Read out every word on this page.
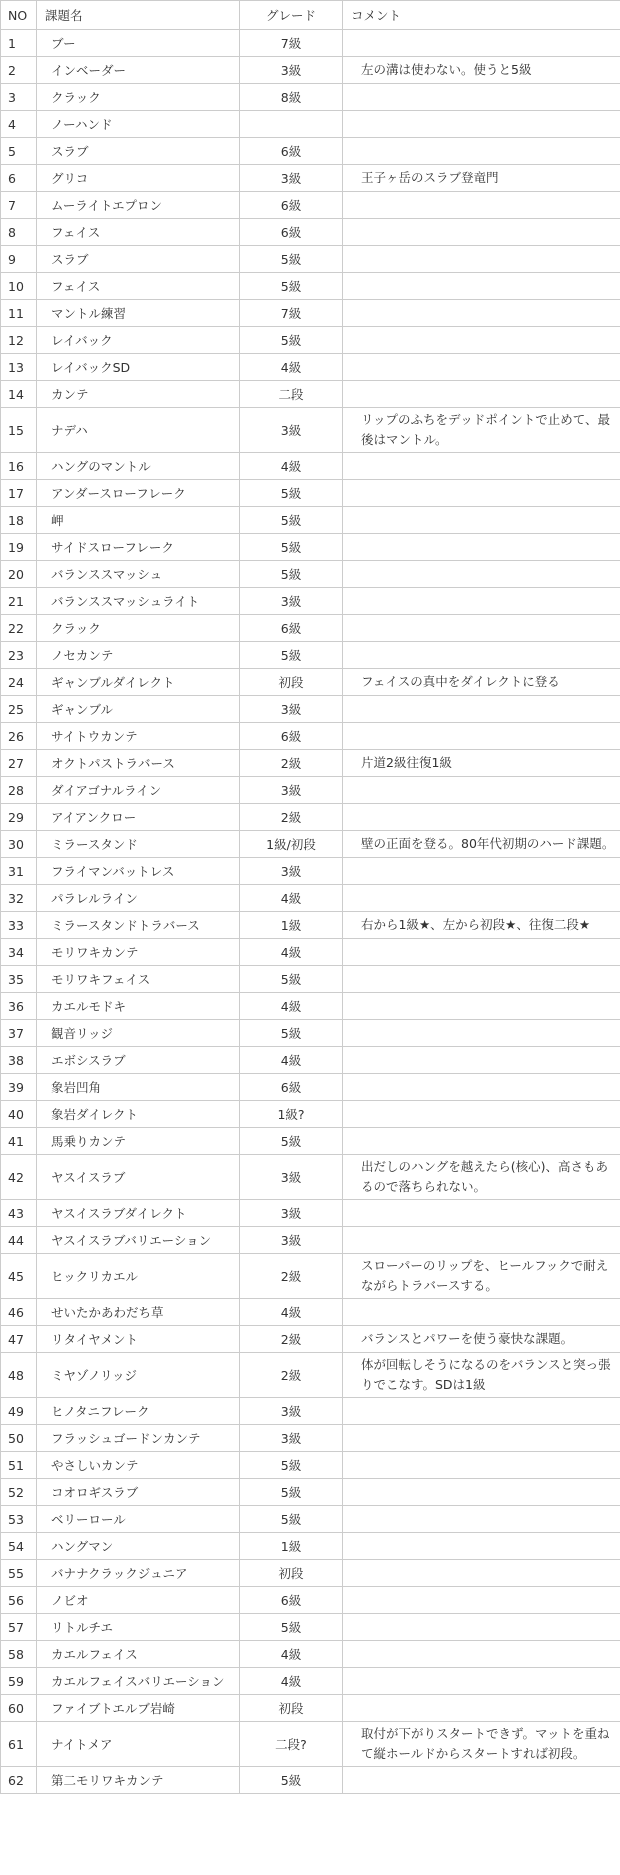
NO	課題名	グレード	コメント
1	ブー	7級	
2	インベーダー	3級	左の溝は使わない。使うと5級
3	クラック	8級	
4	ノーハンド		
5	スラブ	6級	
6	グリコ	3級	王子ヶ岳のスラブ登竜門
7	ムーライトエプロン	6級	
8	フェイス	6級	
9	スラブ	5級	
10	フェイス	5級	
11	マントル練習	7級	
12	レイバック	5級	
13	レイバックSD	4級	
14	カンテ	二段	
15	ナデハ	3級	リップのふちをデッドポイントで止めて、最後はマントル。
16	ハングのマントル	4級	
17	アンダースローフレーク	5級	
18	岬	5級	
19	サイドスローフレーク	5級	
20	バランススマッシュ	5級	
21	バランススマッシュライト	3級	
22	クラック	6級	
23	ノセカンテ	5級	
24	ギャンブルダイレクト	初段	フェイスの真中をダイレクトに登る
25	ギャンブル	3級	
26	サイトウカンテ	6級	
27	オクトパストラバース	2級	片道2級往復1級
28	ダイアゴナルライン	3級	
29	アイアンクロー	2級	
30	ミラースタンド	1級/初段	壁の正面を登る。80年代初期のハード課題。
31	フライマンバットレス	3級	
32	パラレルライン	4級	
33	ミラースタンドトラバース	1級	右から1級★、左から初段★、往復二段★
34	モリワキカンテ	4級	
35	モリワキフェイス	5級	
36	カエルモドキ	4級	
37	観音リッジ	5級	
38	エボシスラブ	4級	
39	象岩凹角	6級	
40	象岩ダイレクト	1級?	
41	馬乗りカンテ	5級	
42	ヤスイスラブ	3級	出だしのハングを越えたら(核心)、高さもあるので落ちられない。
43	ヤスイスラブダイレクト	3級	
44	ヤスイスラブバリエーション	3級	
45	ヒックリカエル	2級	スローパーのリップを、ヒールフックで耐えながらトラバースする。
46	せいたかあわだち草	4級	
47	リタイヤメント	2級	バランスとパワーを使う豪快な課題。
48	ミヤゾノリッジ	2級	体が回転しそうになるのをバランスと突っ張りでこなす。SDは1級
49	ヒノタニフレーク	3級	
50	フラッシュゴードンカンテ	3級	
51	やさしいカンテ	5級	
52	コオロギスラブ	5級	
53	ベリーロール	5級	
54	ハングマン	1級	
55	バナナクラックジュニア	初段	
56	ノビオ	6級	
57	リトルチエ	5級	
58	カエルフェイス	4級	
59	カエルフェイスバリエーション	4級	
60	ファイブトエルブ岩崎	初段	
61	ナイトメア	二段?	取付が下がりスタートできず。マットを重ねて縦ホールドからスタートすれば初段。
62	第二モリワキカンテ	5級	
